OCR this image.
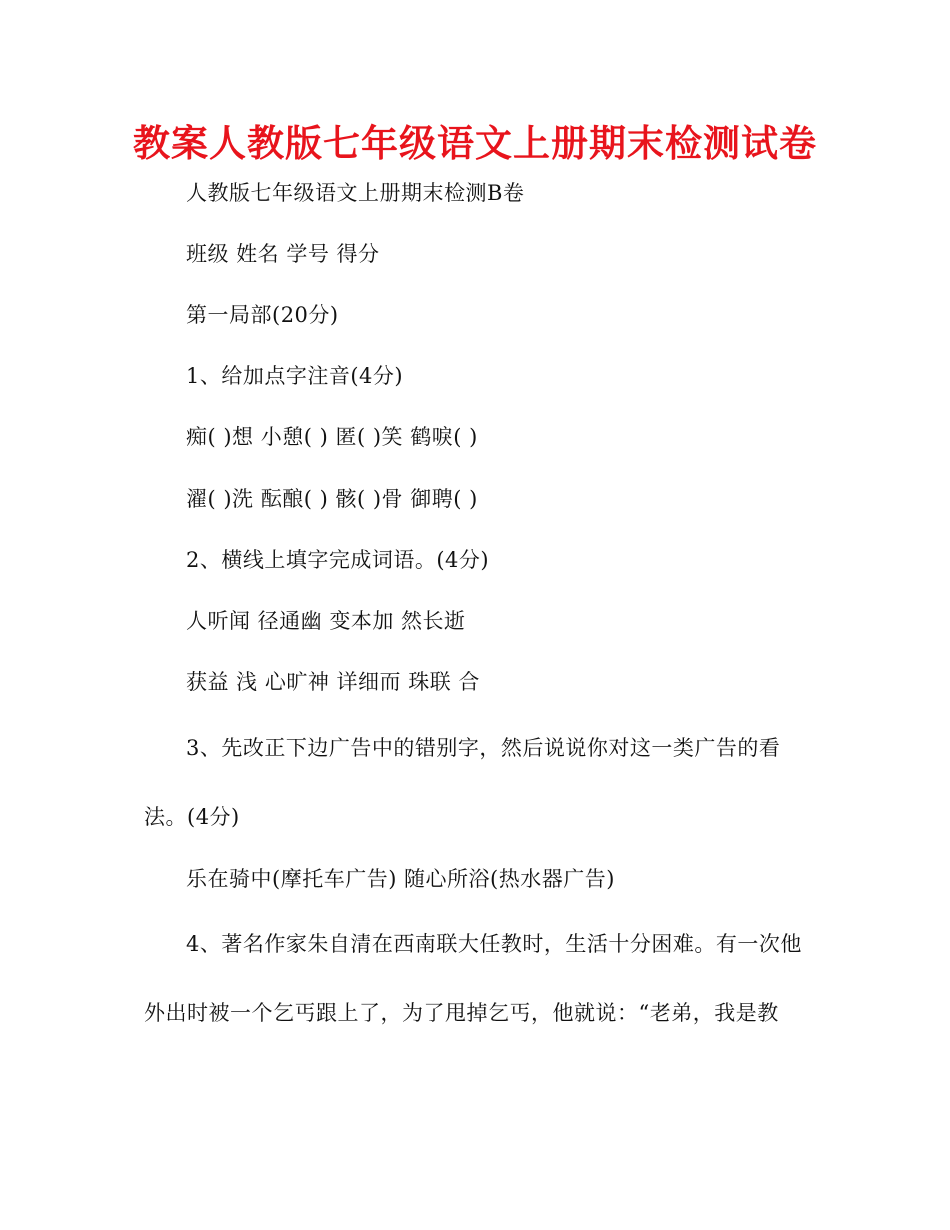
教案人教版七年级语文上册期末检测试卷
人教版七年级语文上册期末检测B卷
班级 姓名 学号 得分
第一局部(20分)
1、给加点字注音(4分)
痴( )想 小憩( ) 匿( )笑 鹤唳( )
濯( )洗 酝酿( ) 骸( )骨 御聘( )
2、横线上填字完成词语。(4分)
人听闻 径通幽 变本加 然长逝
获益 浅 心旷神 详细而 珠联 合
3、先改正下边广告中的错别字，然后说说你对这一类广告的看
法。(4分)
乐在骑中(摩托车广告) 随心所浴(热水器广告)
4、著名作家朱自清在西南联大任教时，生活十分困难。有一次他
外出时被一个乞丐跟上了，为了甩掉乞丐，他就说：“老弟，我是教
